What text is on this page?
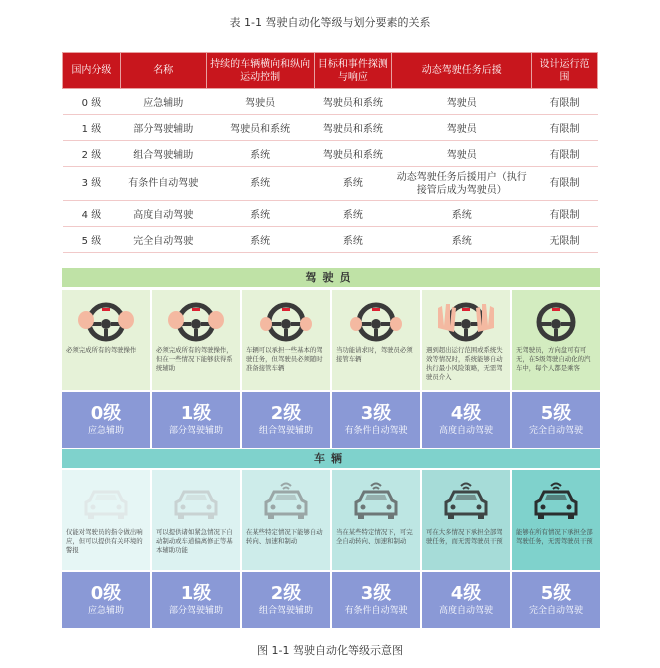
表 1-1 驾驶自动化等级与划分要素的关系
国内分级	名称	持续的车辆横向和纵向运动控制	目标和事件探测与响应	动态驾驶任务后援	设计运行范围
0 级	应急辅助	驾驶员	驾驶员和系统	驾驶员	有限制
1 级	部分驾驶辅助	驾驶员和系统	驾驶员和系统	驾驶员	有限制
2 级	组合驾驶辅助	系统	驾驶员和系统	驾驶员	有限制
3 级	有条件自动驾驶	系统	系统	动态驾驶任务后援用户（执行接管后成为驾驶员）	有限制
4 级	高度自动驾驶	系统	系统	系统	有限制
5 级	完全自动驾驶	系统	系统	系统	无限制
驾驶员
必须完成所有的驾驶操作	必须完成所有的驾驶操作，但在一些情况下能够获得系统辅助
车辆可以承担一些基本的驾驶任务，但驾驶员必须随时准备接管车辆
当功能请求时，驾驶员必须接管车辆
遇到超出运行范围或系统失效等情况时，系统能够自动执行最小风险策略，无需驾驶员介入
无驾驶员，方向盘可有可无，在5级驾驶自动化的汽车中，每个人都是乘客
0级
应急辅助
1级
部分驾驶辅助
2级
组合驾驶辅助
3级
有条件自动驾驶
4级
高度自动驾驶
5级
完全自动驾驶
车辆
仅能对驾驶员的指令做出响应，但可以提供有关环境的警报
可以提供诸如紧急情况下自动制动或车道偏离修正等基本辅助功能
在某些特定情况下能够自动转向、加速和制动
当在某些特定情况下，可完全自动转向、加速和制动
可在大多情况下承担全部驾驶任务，而无需驾驶员干预
能够在所有情况下承担全部驾驶任务，无需驾驶员干预
0级
应急辅助
1级
部分驾驶辅助
2级
组合驾驶辅助
3级
有条件自动驾驶
4级
高度自动驾驶
5级
完全自动驾驶
图 1-1 驾驶自动化等级示意图
